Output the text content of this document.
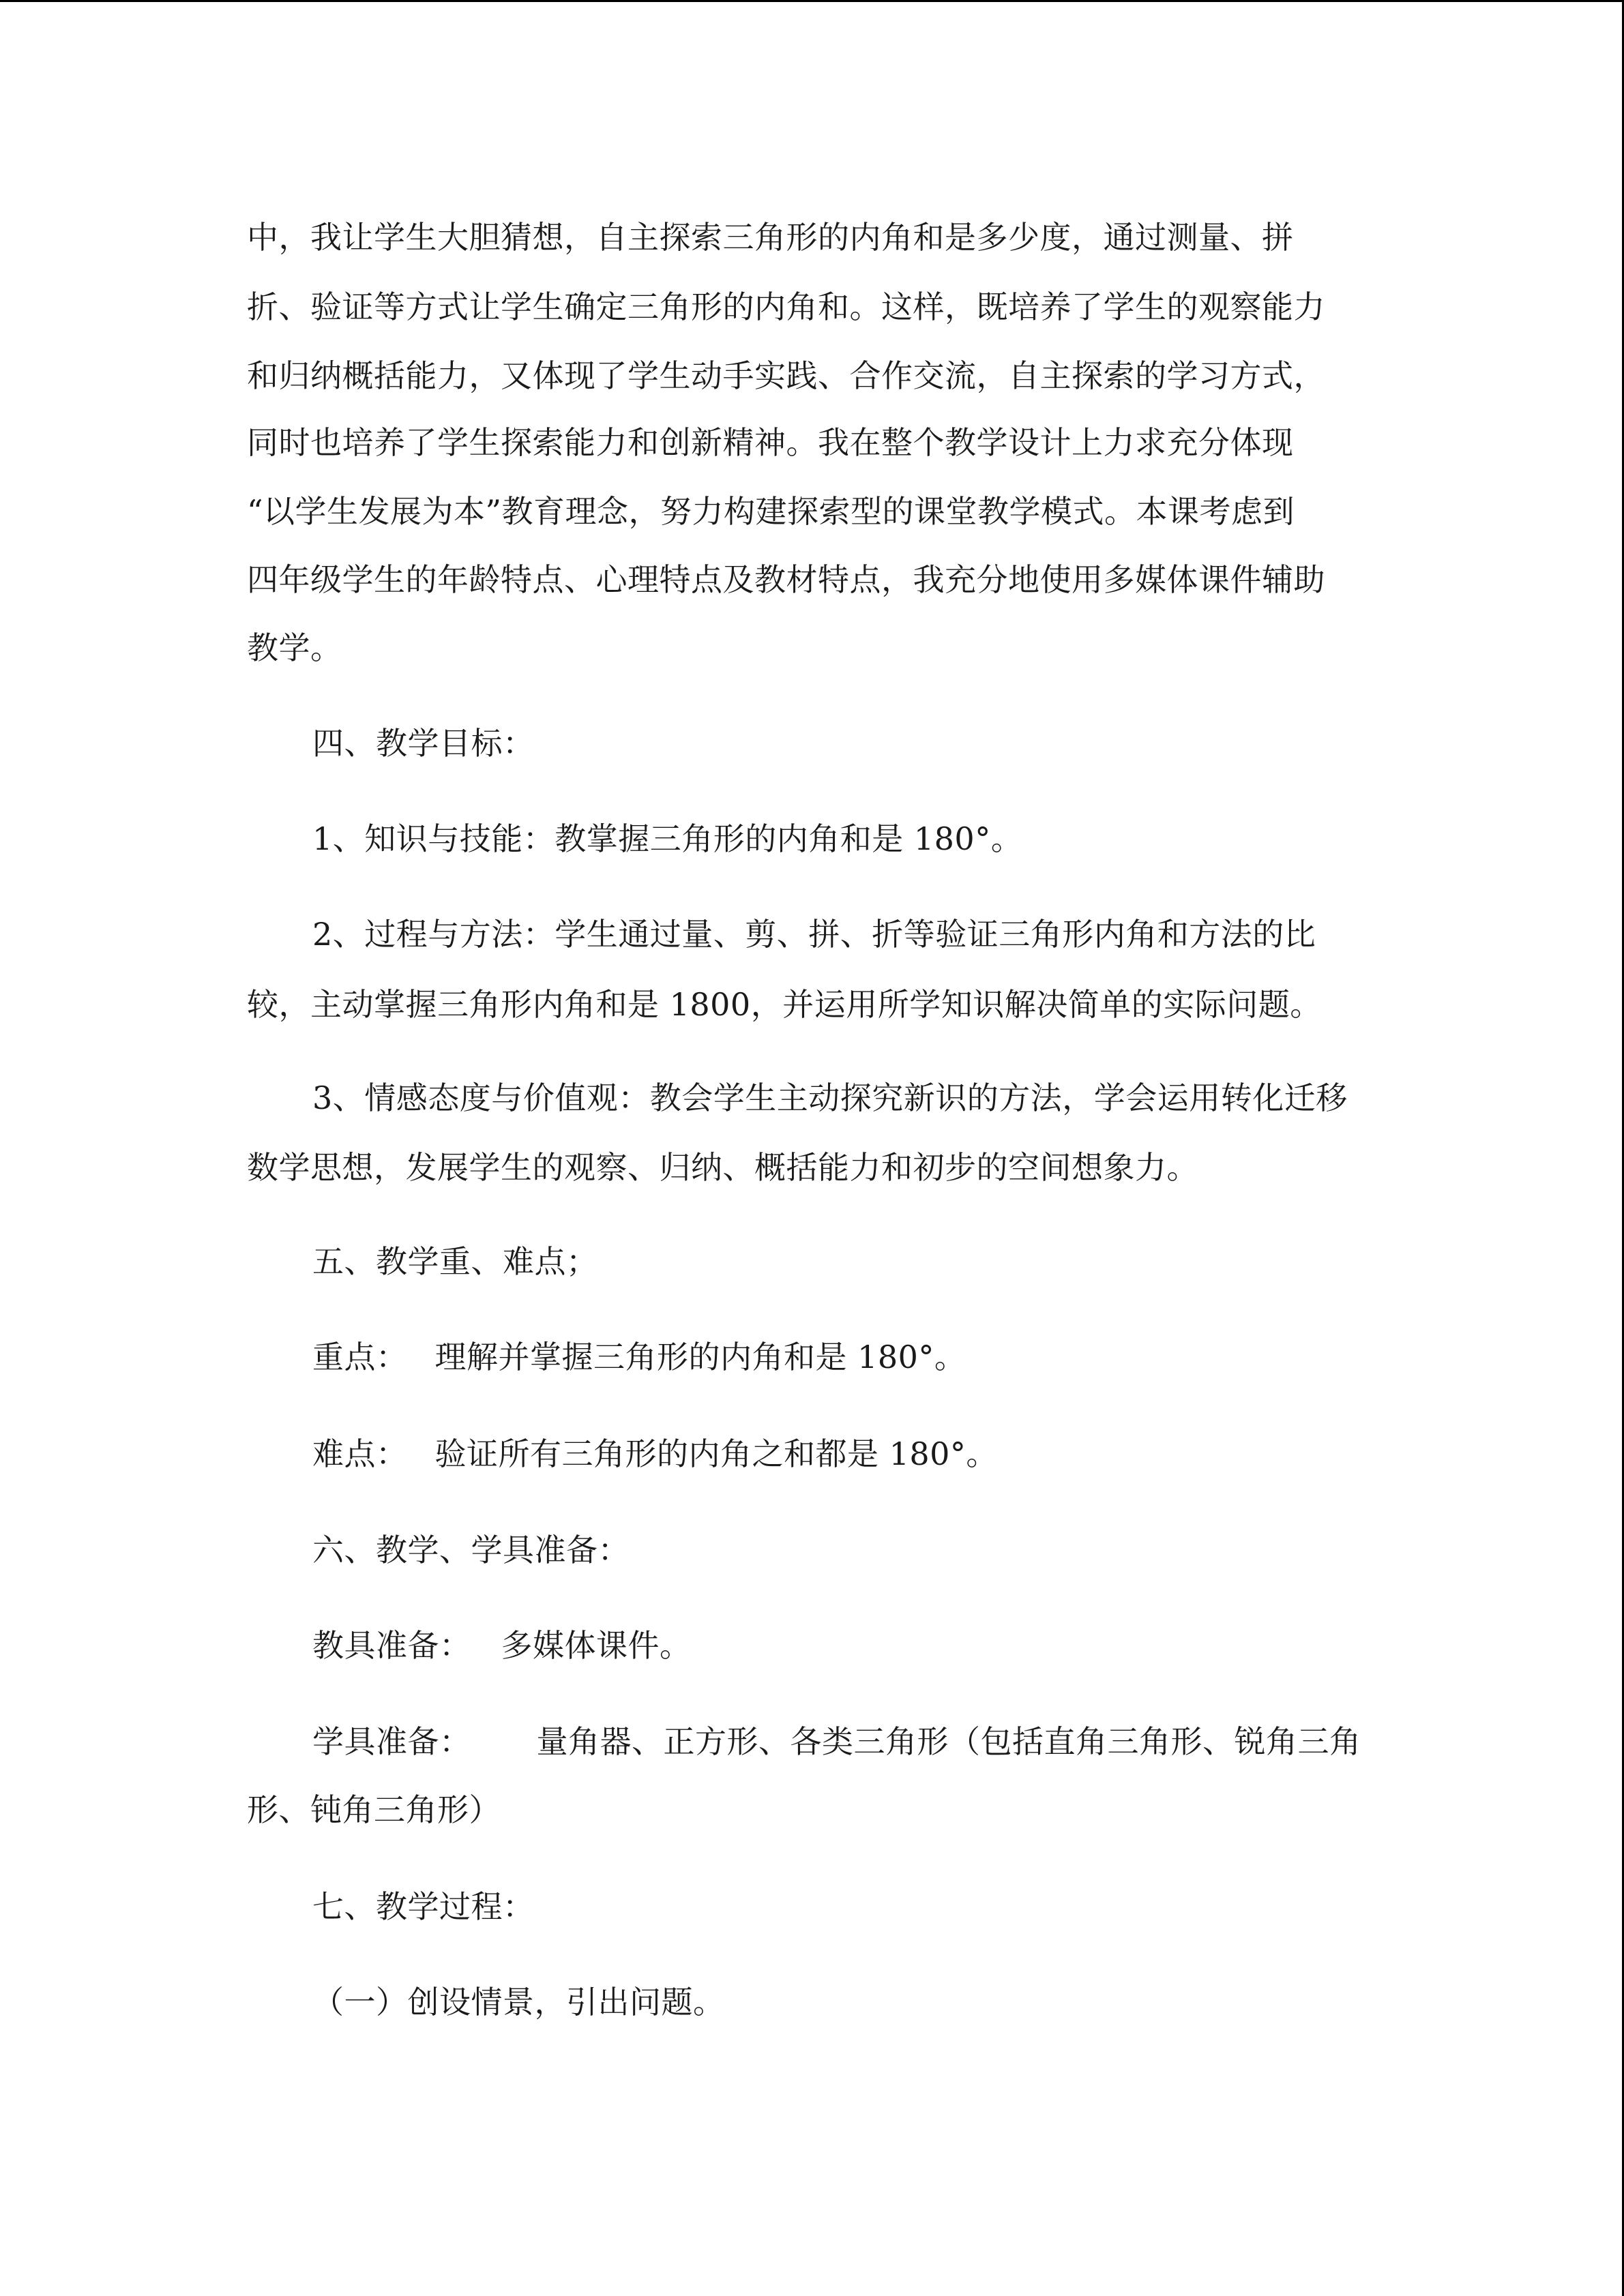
中，我让学生大胆猜想，自主探索三角形的内角和是多少度，通过测量、拼

折、验证等方式让学生确定三角形的内角和。这样，既培养了学生的观察能力

和归纳概括能力，又体现了学生动手实践、合作交流，自主探索的学习方式，

同时也培养了学生探索能力和创新精神。我在整个教学设计上力求充分体现

“以学生发展为本”教育理念，努力构建探索型的课堂教学模式。本课考虑到

四年级学生的年龄特点、心理特点及教材特点，我充分地使用多媒体课件辅助

教学。

四、教学目标：

1、知识与技能：教掌握三角形的内角和是 180°。

2、过程与方法：学生通过量、剪、拼、折等验证三角形内角和方法的比

较，主动掌握三角形内角和是 1800，并运用所学知识解决简单的实际问题。

3、情感态度与价值观：教会学生主动探究新识的方法，学会运用转化迁移

数学思想，发展学生的观察、归纳、概括能力和初步的空间想象力。

五、教学重、难点；

重点： 理解并掌握三角形的内角和是 180°。

难点： 验证所有三角形的内角之和都是 180°。

六、教学、学具准备：

教具准备： 多媒体课件。

学具准备： 量角器、正方形、各类三角形（包括直角三角形、锐角三角

形、钝角三角形）

七、教学过程：

（一）创设情景，引出问题。
